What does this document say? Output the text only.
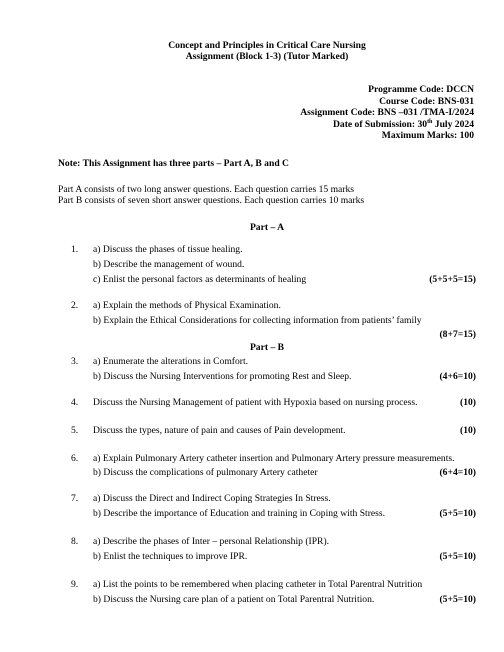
Concept and Principles in Critical Care Nursing
Assignment (Block 1-3) (Tutor Marked)
Programme Code: DCCN
Course Code: BNS-031
Assignment Code: BNS –031 /TMA-I/2024
Date of Submission: 30th July 2024
Maximum Marks: 100
Note: This Assignment has three parts – Part A, B and C
Part A consists of two long answer questions. Each question carries 15 marks
Part B consists of seven short answer questions. Each question carries 10 marks
Part – A
1.	a) Discuss the phases of tissue healing.
b) Describe the management of wound.
c) Enlist the personal factors as determinants of healing	(5+5+5=15)
2.	a) Explain the methods of Physical Examination.
b) Explain the Ethical Considerations for collecting information from patients’ family
(8+7=15)
Part – B
3.	a) Enumerate the alterations in Comfort.
b) Discuss the Nursing Interventions for promoting Rest and Sleep.	(4+6=10)
4.	Discuss the Nursing Management of patient with Hypoxia based on nursing process.	(10)
5.	Discuss the types, nature of pain and causes of Pain development.	(10)
6.	a) Explain Pulmonary Artery catheter insertion and Pulmonary Artery pressure measurements.
b) Discuss the complications of pulmonary Artery catheter	(6+4=10)
7.	a) Discuss the Direct and Indirect Coping Strategies In Stress.
b) Describe the importance of Education and training in Coping with Stress.	(5+5=10)
8.	a) Describe the phases of Inter – personal Relationship (IPR).
b) Enlist the techniques to improve IPR.	(5+5=10)
9.	a) List the points to be remembered when placing catheter in Total Parentral Nutrition
b) Discuss the Nursing care plan of a patient on Total Parentral Nutrition.	(5+5=10)
